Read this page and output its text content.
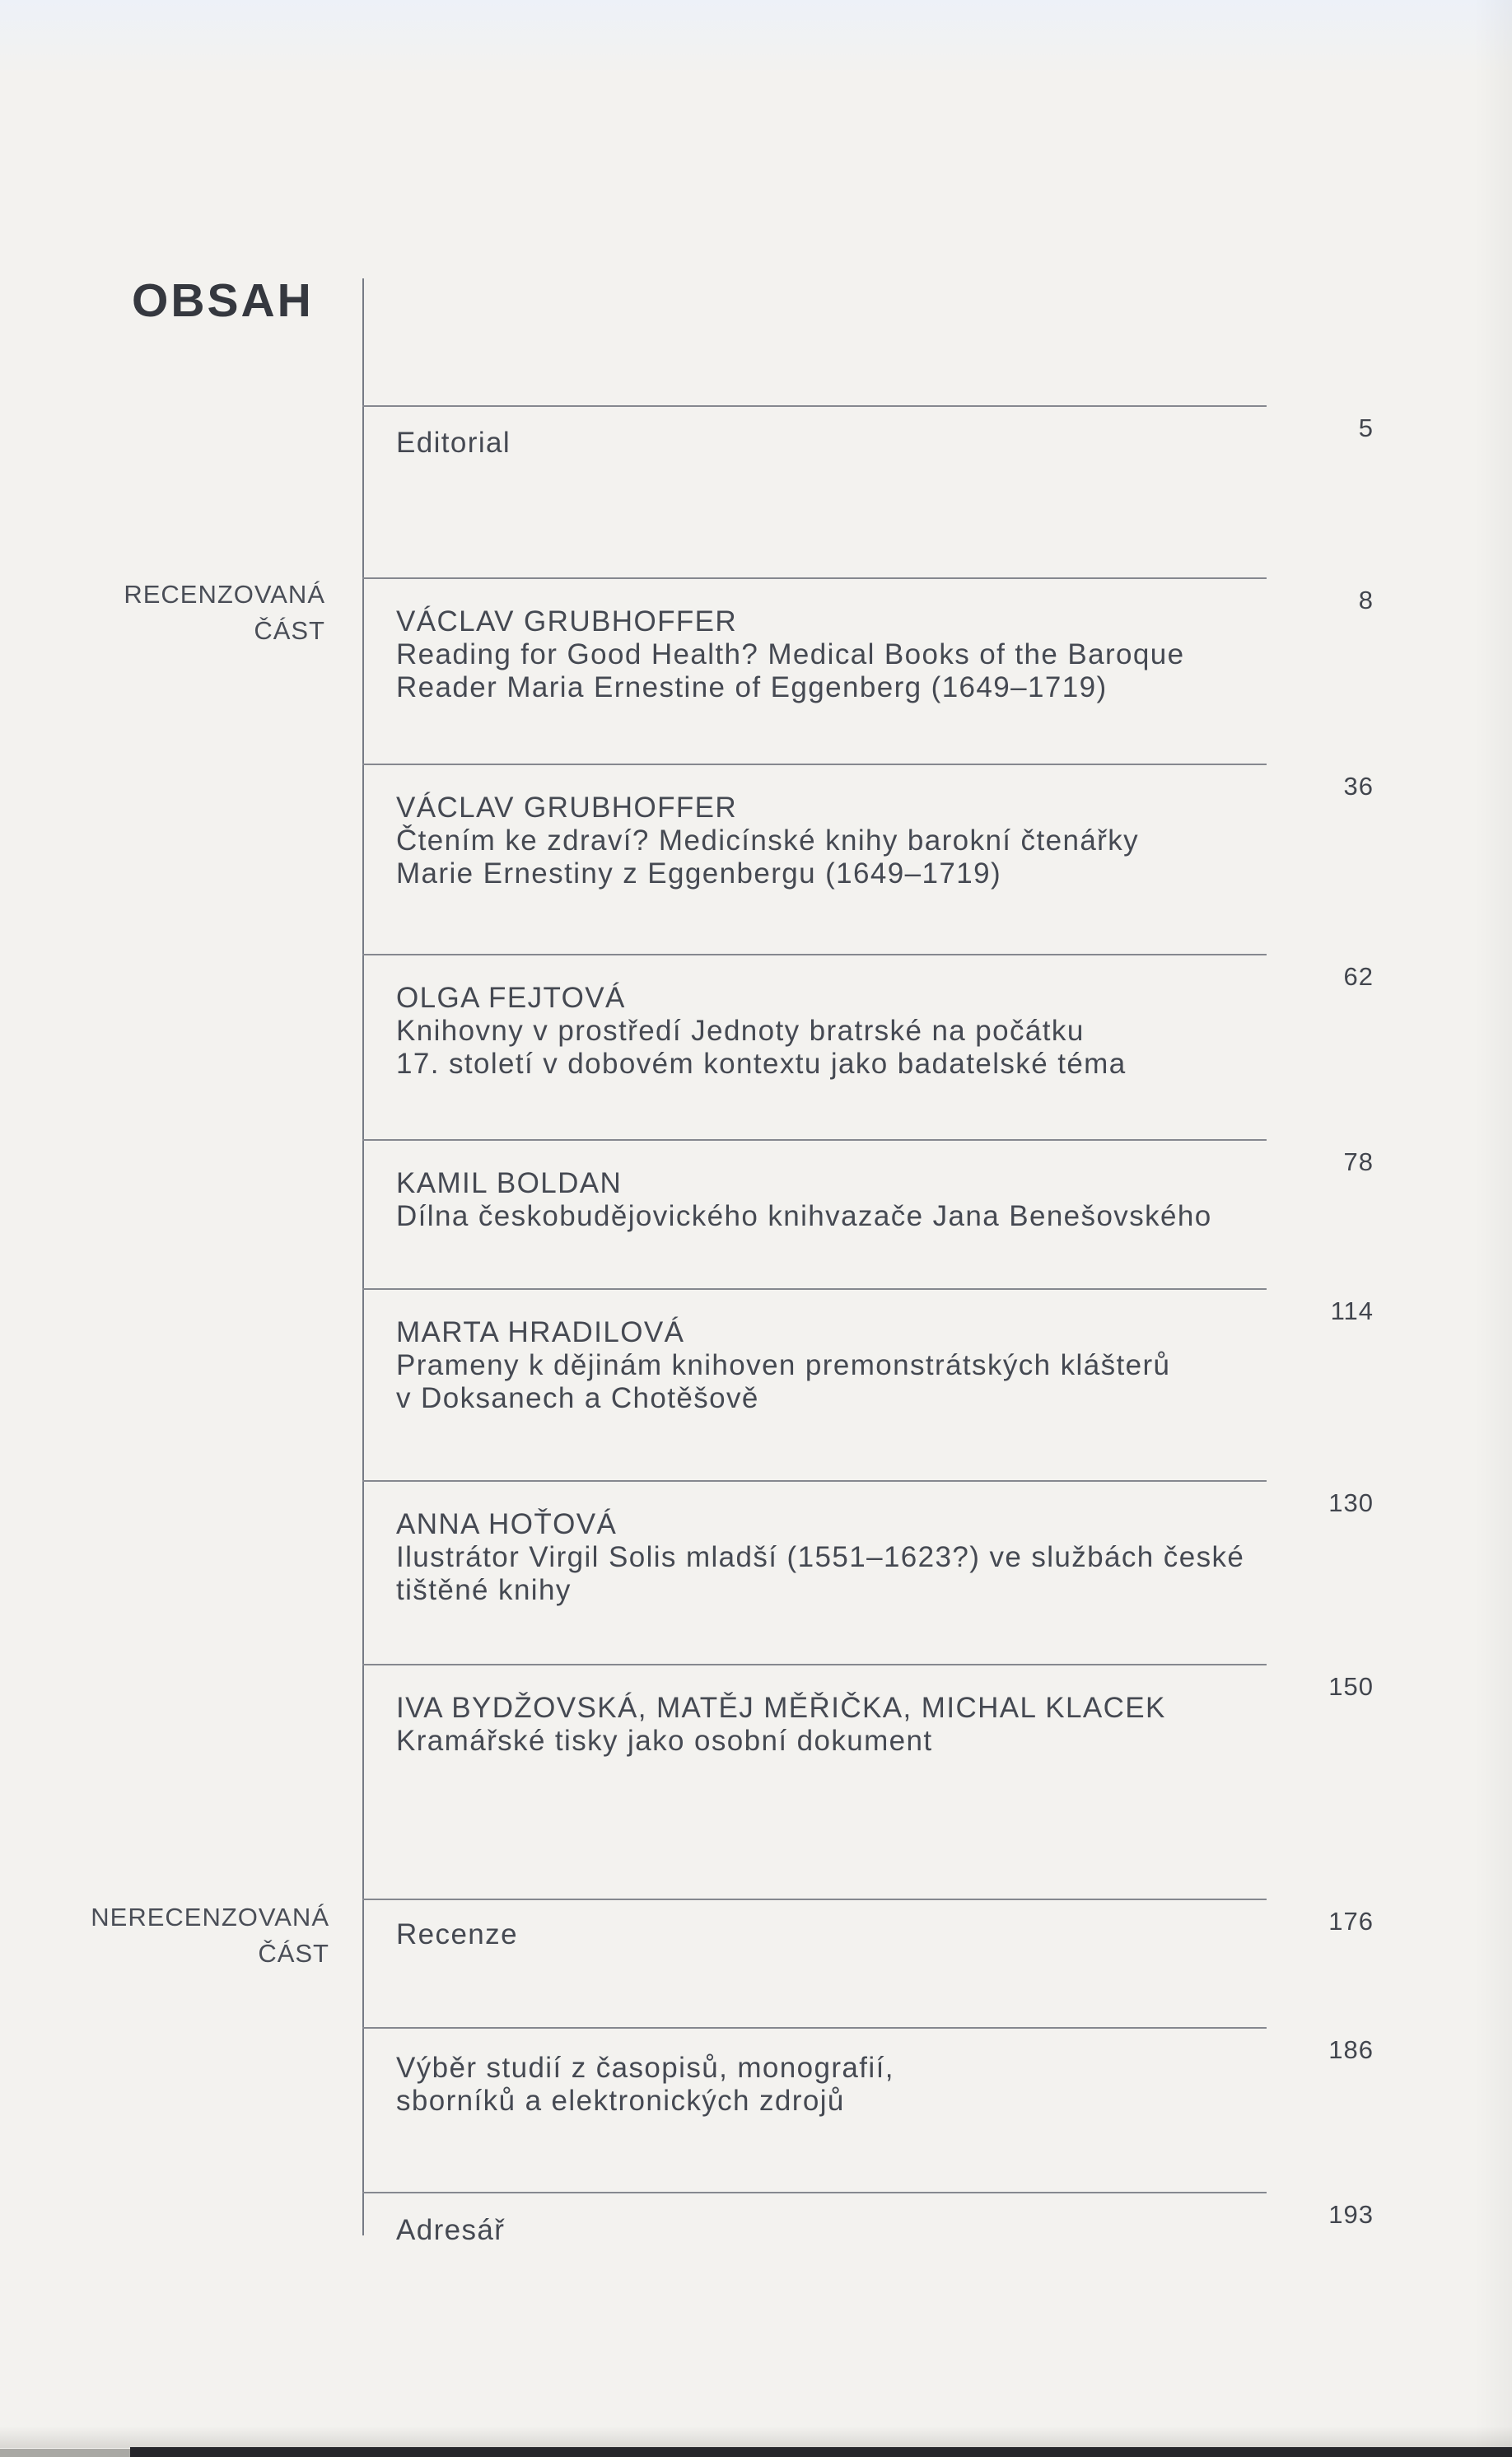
OBSAH
RECENZOVANÁ
ČÁST
NERECENZOVANÁ
ČÁST
5
Editorial
8
VÁCLAV GRUBHOFFER
Reading for Good Health? Medical Books of the Baroque
Reader Maria Ernestine of Eggenberg (1649–1719)
36
VÁCLAV GRUBHOFFER
Čtením ke zdraví? Medicínské knihy barokní čtenářky
Marie Ernestiny z Eggenbergu (1649–1719)
62
OLGA FEJTOVÁ
Knihovny v prostředí Jednoty bratrské na počátku
17. století v dobovém kontextu jako badatelské téma
78
KAMIL BOLDAN
Dílna českobudějovického knihvazače Jana Benešovského
114
MARTA HRADILOVÁ
Prameny k dějinám knihoven premonstrátských klášterů
v Doksanech a Chotěšově
130
ANNA HOŤOVÁ
Ilustrátor Virgil Solis mladší (1551–1623?) ve službách české
tištěné knihy
150
IVA BYDŽOVSKÁ, MATĚJ MĚŘIČKA, MICHAL KLACEK
Kramářské tisky jako osobní dokument
176
Recenze
186
Výběr studií z časopisů, monografií,
sborníků a elektronických zdrojů
193
Adresář
